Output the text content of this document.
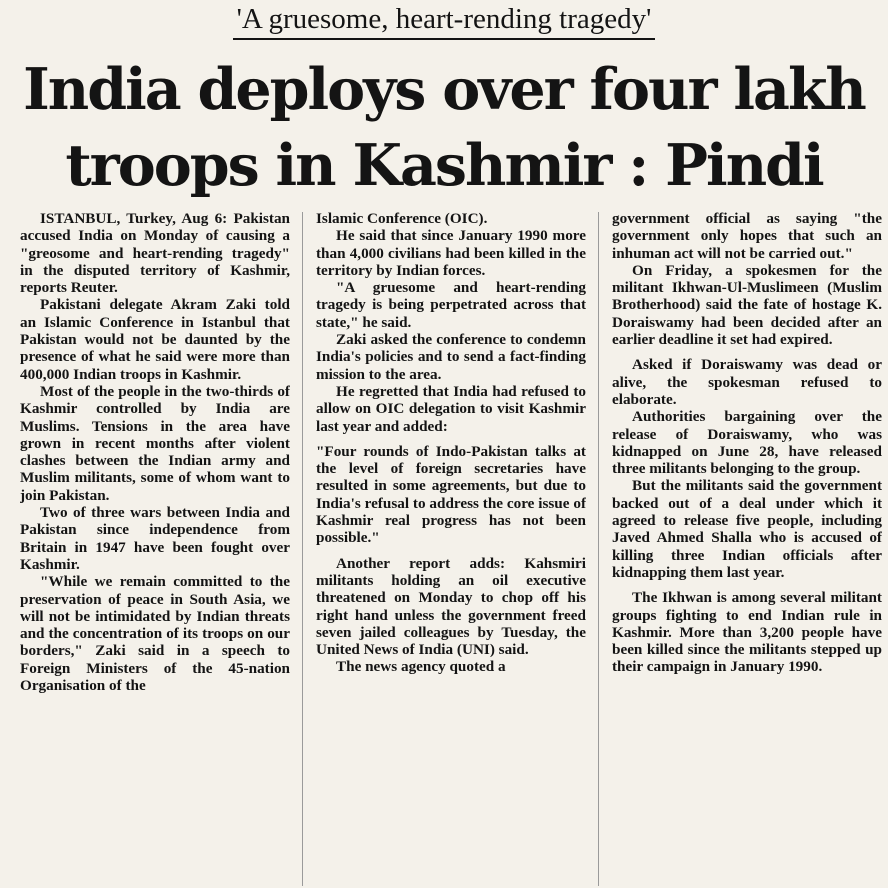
'A gruesome, heart-rending tragedy'
India deploys over four lakh
troops in Kashmir : Pindi

ISTANBUL, Turkey, Aug 6: Pakistan accused India on Monday of causing a "greosome and heart-rending tragedy" in the disputed territory of Kashmir, reports Reuter.

Pakistani delegate Akram Zaki told an Islamic Conference in Istanbul that Pakistan would not be daunted by the presence of what he said were more than 400,000 Indian troops in Kashmir.

Most of the people in the two-thirds of Kashmir controlled by India are Muslims. Tensions in the area have grown in recent months after violent clashes between the Indian army and Muslim militants, some of whom want to join Pakistan.

Two of three wars between India and Pakistan since independence from Britain in 1947 have been fought over Kashmir.

"While we remain committed to the preservation of peace in South Asia, we will not be intimidated by Indian threats and the concentration of its troops on our borders," Zaki said in a speech to Foreign Ministers of the 45-nation Organisation of the

Islamic Conference (OIC).

He said that since January 1990 more than 4,000 civilians had been killed in the territory by Indian forces.

"A gruesome and heart-rending tragedy is being perpetrated across that state," he said.

Zaki asked the conference to condemn India's policies and to send a fact-finding mission to the area.

He regretted that India had refused to allow on OIC delegation to visit Kashmir last year and added:

"Four rounds of Indo-Pakistan talks at the level of foreign secretaries have resulted in some agreements, but due to India's refusal to address the core issue of Kashmir real progress has not been possible."

Another report adds: Kahsmiri militants holding an oil executive threatened on Monday to chop off his right hand unless the government freed seven jailed colleagues by Tuesday, the United News of India (UNI) said.

The news agency quoted a

government official as saying "the government only hopes that such an inhuman act will not be carried out."

On Friday, a spokesmen for the militant Ikhwan-Ul-Muslimeen (Muslim Brotherhood) said the fate of hostage K. Doraiswamy had been decided after an earlier deadline it set had expired.

Asked if Doraiswamy was dead or alive, the spokesman refused to elaborate.

Authorities bargaining over the release of Doraiswamy, who was kidnapped on June 28, have released three militants belonging to the group.

But the militants said the government backed out of a deal under which it agreed to release five people, including Javed Ahmed Shalla who is accused of killing three Indian officials after kidnapping them last year.

The Ikhwan is among several militant groups fighting to end Indian rule in Kashmir. More than 3,200 people have been killed since the militants stepped up their campaign in January 1990.
